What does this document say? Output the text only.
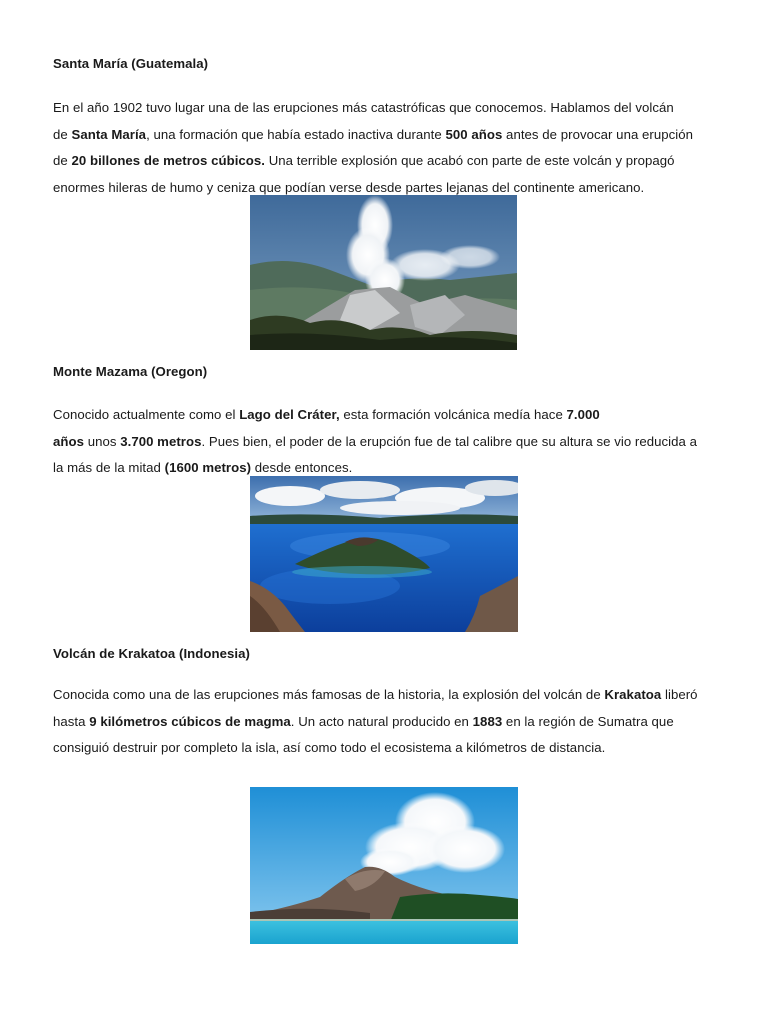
Santa María (Guatemala)

En el año 1902 tuvo lugar una de las erupciones más catastróficas que conocemos. Hablamos del volcán

de Santa María, una formación que había estado inactiva durante 500 años antes de provocar una erupción

de 20 billones de metros cúbicos. Una terrible explosión que acabó con parte de este volcán y propagó

enormes hileras de humo y ceniza que podían verse desde partes lejanas del continente americano.

Monte Mazama (Oregon)

Conocido actualmente como el Lago del Cráter, esta formación volcánica medía hace 7.000

años unos 3.700 metros. Pues bien, el poder de la erupción fue de tal calibre que su altura se vio reducida a

la más de la mitad (1600 metros) desde entonces.

Volcán de Krakatoa (Indonesia)

Conocida como una de las erupciones más famosas de la historia, la explosión del volcán de Krakatoa liberó

hasta 9 kilómetros cúbicos de magma. Un acto natural producido en 1883 en la región de Sumatra que

consiguió destruir por completo la isla, así como todo el ecosistema a kilómetros de distancia.
